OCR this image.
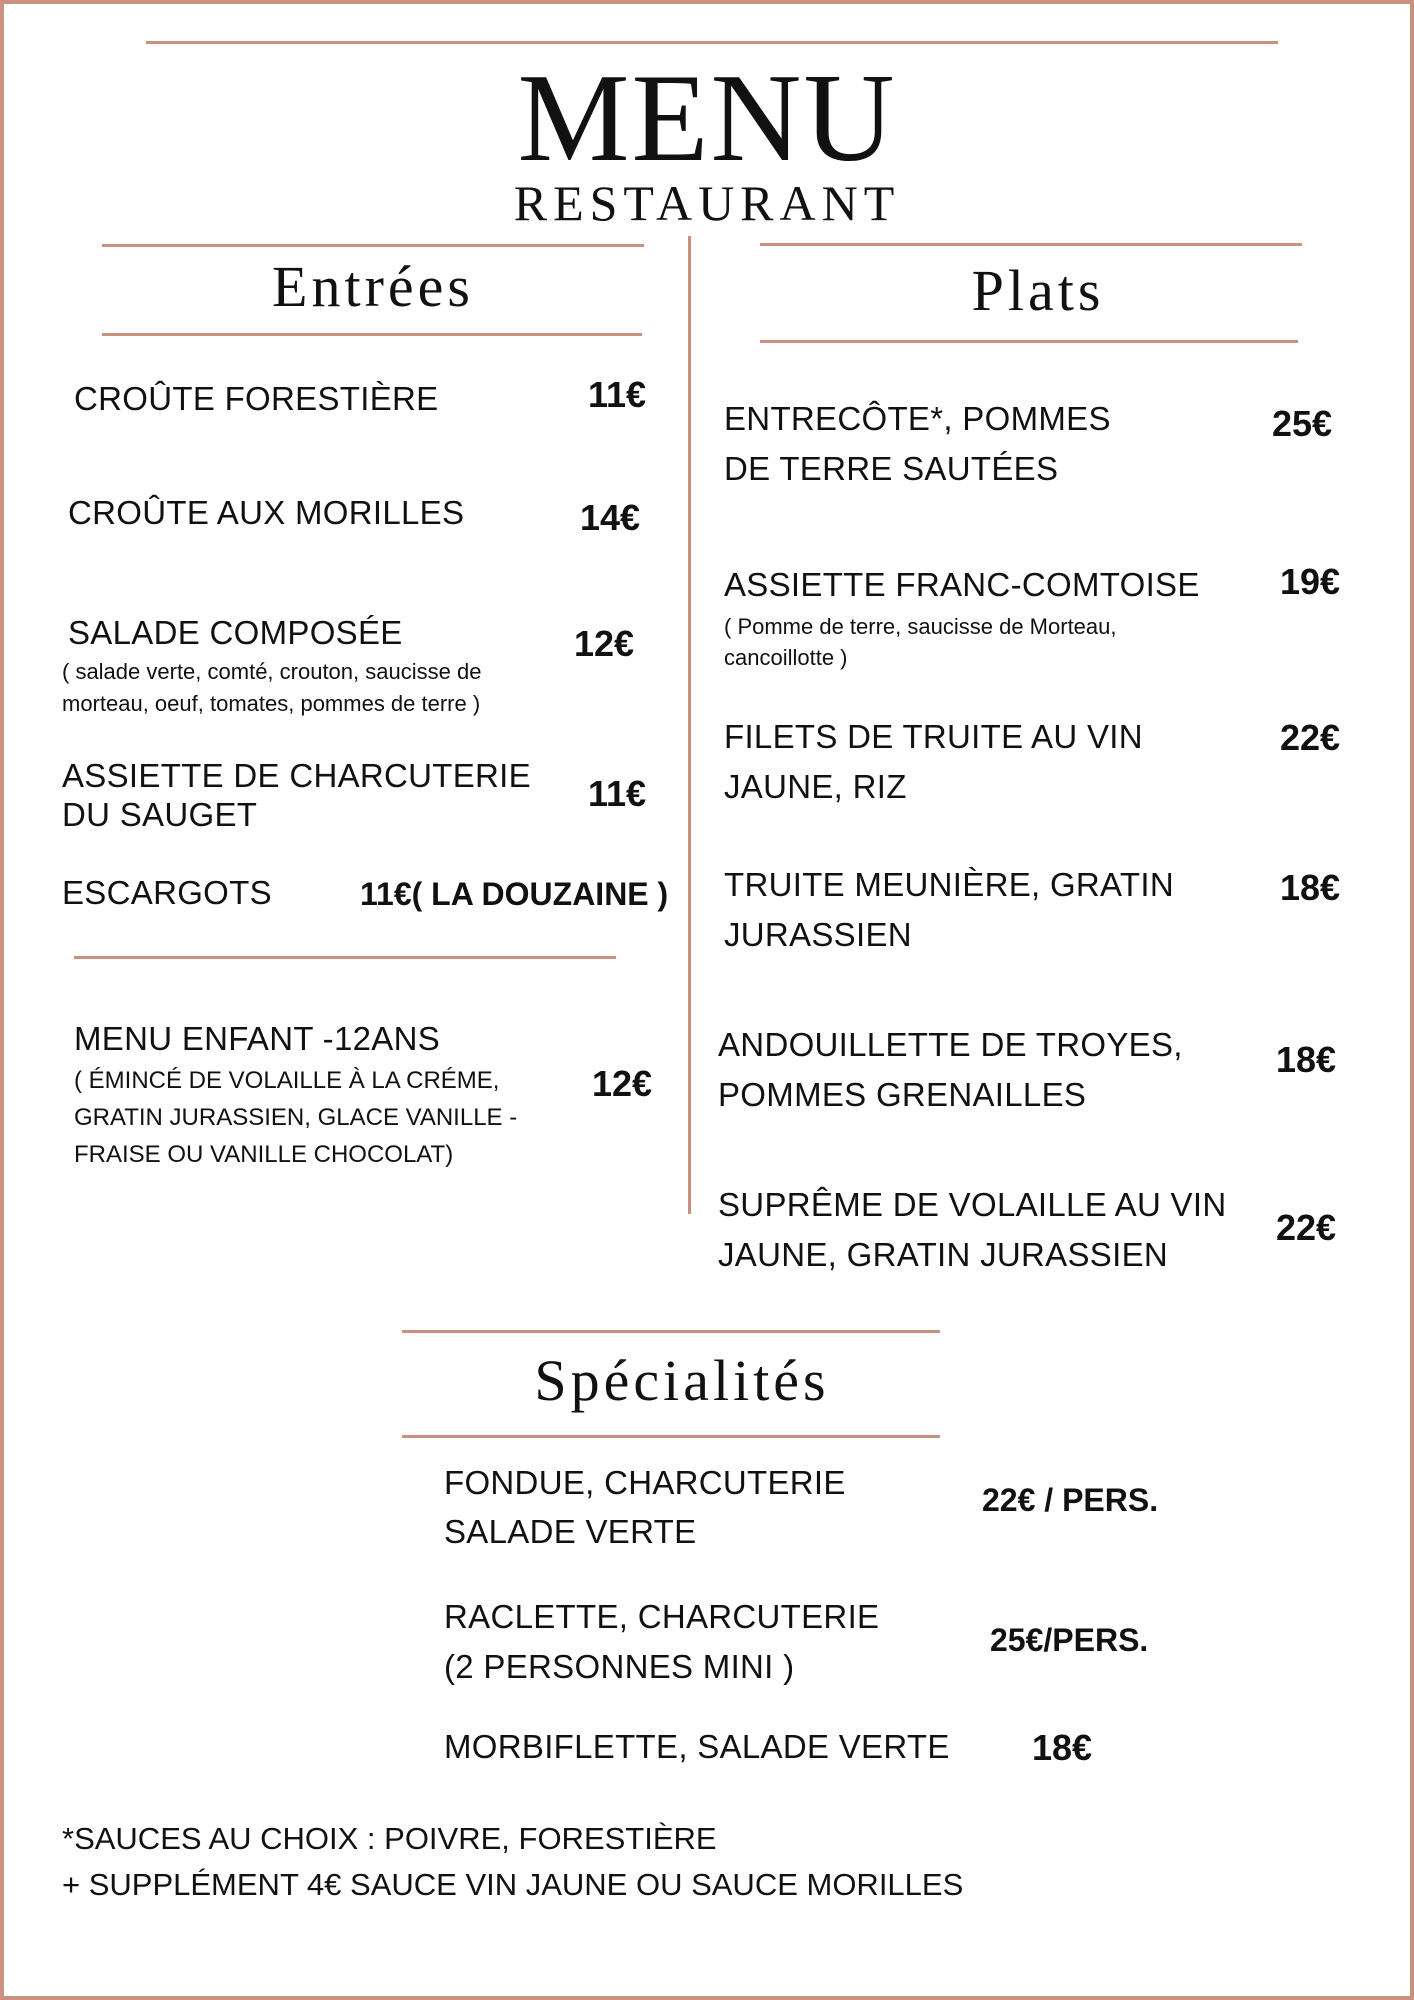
MENU
RESTAURANT
Entrées
CROÛTE FORESTIÈRE	11€
CROÛTE AUX MORILLES	14€
SALADE COMPOSÉE
( salade verte, comté, crouton, saucisse de
morteau, oeuf, tomates, pommes de terre )
12€
ASSIETTE DE CHARCUTERIE
DU SAUGET
11€
ESCARGOTS	11€( LA DOUZAINE )
MENU ENFANT -12ANS
( ÉMINCÉ DE VOLAILLE À LA CRÉME,
GRATIN JURASSIEN, GLACE VANILLE -
FRAISE OU VANILLE CHOCOLAT)
12€
Plats
ENTRECÔTE*, POMMES
DE TERRE SAUTÉES
25€
ASSIETTE FRANC-COMTOISE
( Pomme de terre, saucisse de Morteau,
cancoillotte )
19€
FILETS DE TRUITE AU VIN
JAUNE, RIZ
22€
TRUITE MEUNIÈRE, GRATIN
JURASSIEN
18€
ANDOUILLETTE DE TROYES,
POMMES GRENAILLES
18€
SUPRÊME DE VOLAILLE AU VIN
JAUNE, GRATIN JURASSIEN
22€
Spécialités
FONDUE, CHARCUTERIE
SALADE VERTE
22€ / PERS.
RACLETTE, CHARCUTERIE
(2 PERSONNES MINI )
25€/PERS.
MORBIFLETTE, SALADE VERTE 18€
*SAUCES AU CHOIX : POIVRE, FORESTIÈRE
+ SUPPLÉMENT 4€ SAUCE VIN JAUNE OU SAUCE MORILLES
